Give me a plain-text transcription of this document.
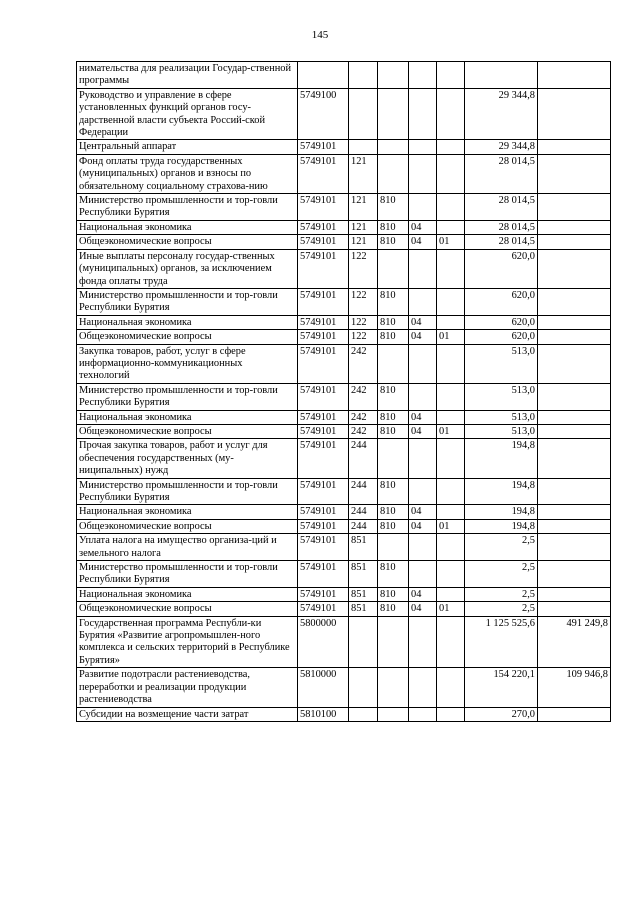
145
нимательства для реализации Государ-ственной программы							
Руководство и управление в сфере установленных функций органов госу-дарственной власти субъекта Россий-ской Федерации	5749100					29 344,8	
Центральный аппарат	5749101					29 344,8	
Фонд оплаты труда государственных (муниципальных) органов и взносы по обязательному социальному страхова-нию	5749101	121				28 014,5	
Министерство промышленности и тор-говли Республики Бурятия	5749101	121	810			28 014,5	
Национальная экономика	5749101	121	810	04		28 014,5	
Общеэкономические вопросы	5749101	121	810	04	01	28 014,5	
Иные выплаты персоналу государ-ственных (муниципальных) органов, за исключением фонда оплаты труда	5749101	122				620,0	
Министерство промышленности и тор-говли Республики Бурятия	5749101	122	810			620,0	
Национальная экономика	5749101	122	810	04		620,0	
Общеэкономические вопросы	5749101	122	810	04	01	620,0	
Закупка товаров, работ, услуг в сфере информационно-коммуникационных технологий	5749101	242				513,0	
Министерство промышленности и тор-говли Республики Бурятия	5749101	242	810			513,0	
Национальная экономика	5749101	242	810	04		513,0	
Общеэкономические вопросы	5749101	242	810	04	01	513,0	
Прочая закупка товаров, работ и услуг для обеспечения государственных (му-ниципальных) нужд	5749101	244				194,8	
Министерство промышленности и тор-говли Республики Бурятия	5749101	244	810			194,8	
Национальная экономика	5749101	244	810	04		194,8	
Общеэкономические вопросы	5749101	244	810	04	01	194,8	
Уплата налога на имущество организа-ций и земельного налога	5749101	851				2,5	
Министерство промышленности и тор-говли Республики Бурятия	5749101	851	810			2,5	
Национальная экономика	5749101	851	810	04		2,5	
Общеэкономические вопросы	5749101	851	810	04	01	2,5	
Государственная программа Республи-ки Бурятия «Развитие агропромышлен-ного комплекса и сельских территорий в Республике Бурятия»	5800000					1 125 525,6	491 249,8
Развитие подотрасли растениеводства, переработки и реализации продукции растениеводства	5810000					154 220,1	109 946,8
Субсидии на возмещение части затрат	5810100					270,0	
